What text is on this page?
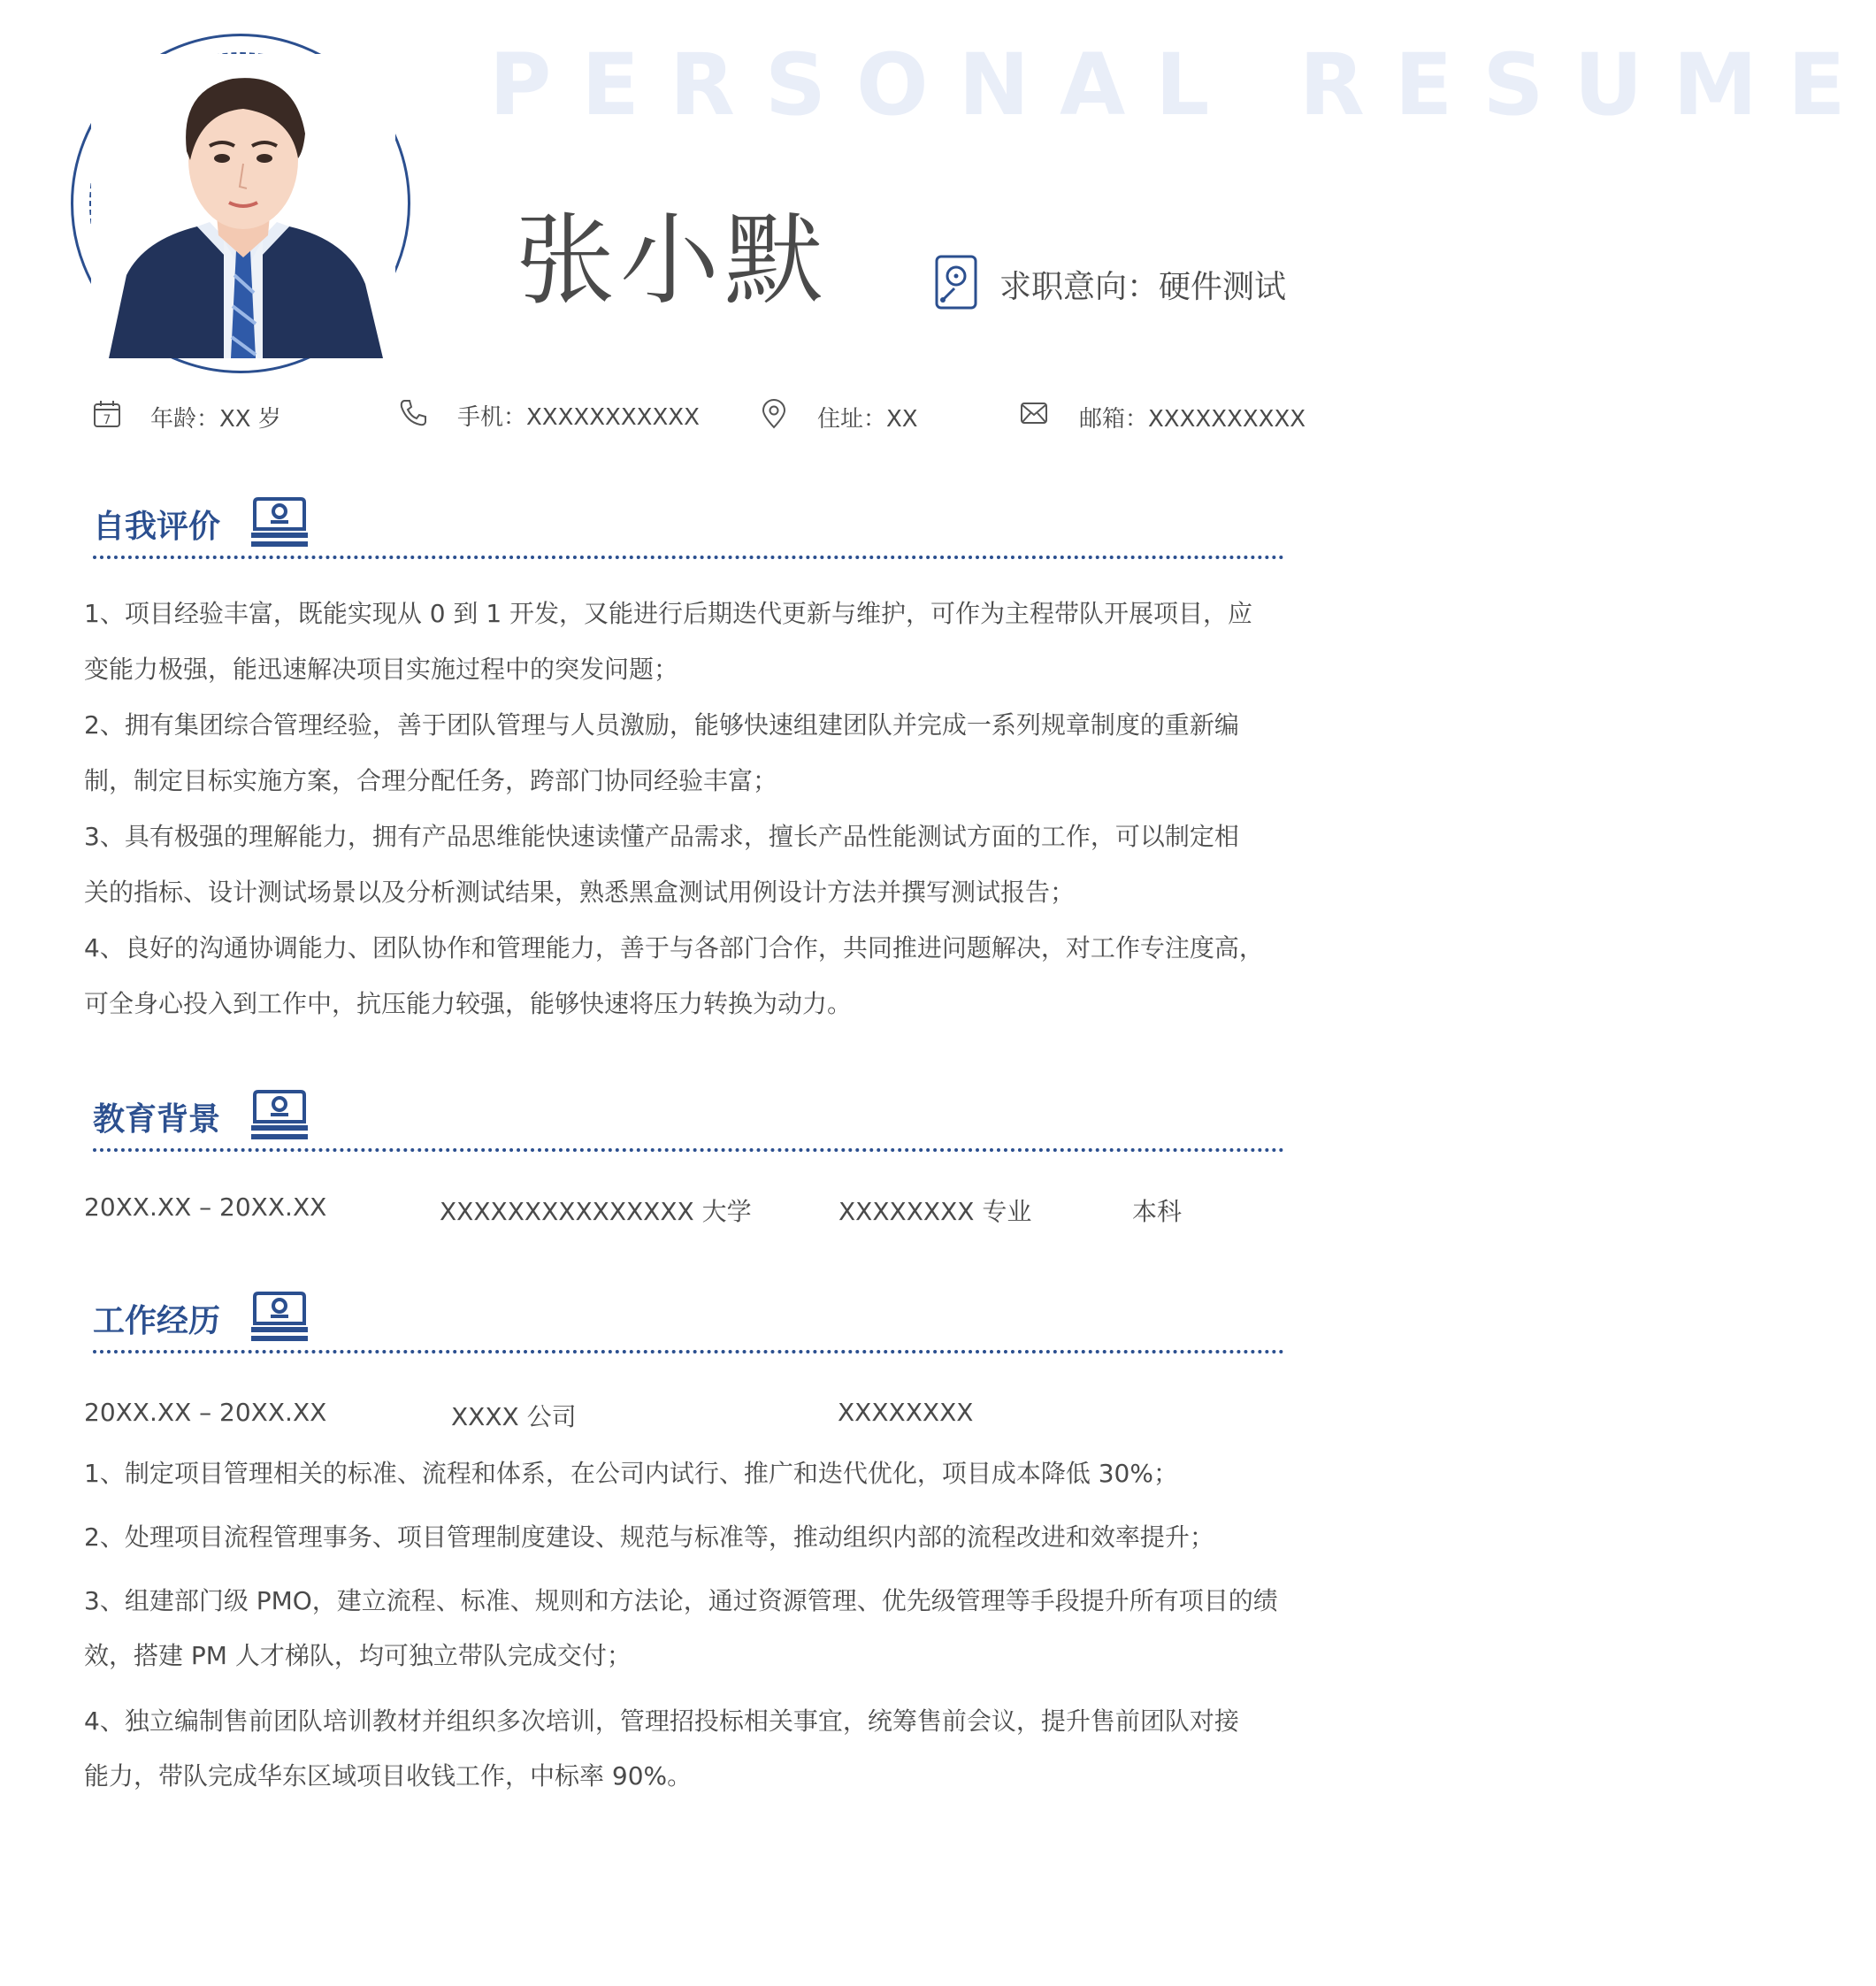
PERSONAL RESUME
张小默	求职意向：硬件测试
7 年龄：XX 岁	手机：XXXXXXXXXXX	住址：XX	邮箱：XXXXXXXXXX
自我评价
1、项目经验丰富，既能实现从 0 到 1 开发，又能进行后期迭代更新与维护，可作为主程带队开展项目，应
变能力极强，能迅速解决项目实施过程中的突发问题；
2、拥有集团综合管理经验，善于团队管理与人员激励，能够快速组建团队并完成一系列规章制度的重新编
制，制定目标实施方案，合理分配任务，跨部门协同经验丰富；
3、具有极强的理解能力，拥有产品思维能快速读懂产品需求，擅长产品性能测试方面的工作，可以制定相
关的指标、设计测试场景以及分析测试结果，熟悉黑盒测试用例设计方法并撰写测试报告；
4、良好的沟通协调能力、团队协作和管理能力，善于与各部门合作，共同推进问题解决，对工作专注度高，
可全身心投入到工作中，抗压能力较强，能够快速将压力转换为动力。
教育背景
20XX.XX – 20XX.XX	XXXXXXXXXXXXXXX 大学	XXXXXXXX 专业	本科
工作经历
20XX.XX – 20XX.XX	XXXX 公司	XXXXXXXX
1、制定项目管理相关的标准、流程和体系，在公司内试行、推广和迭代优化，项目成本降低 30%；
2、处理项目流程管理事务、项目管理制度建设、规范与标准等，推动组织内部的流程改进和效率提升；
3、组建部门级 PMO，建立流程、标准、规则和方法论，通过资源管理、优先级管理等手段提升所有项目的绩
效，搭建 PM 人才梯队，均可独立带队完成交付；
4、独立编制售前团队培训教材并组织多次培训，管理招投标相关事宜，统筹售前会议，提升售前团队对接
能力，带队完成华东区域项目收钱工作，中标率 90%。
